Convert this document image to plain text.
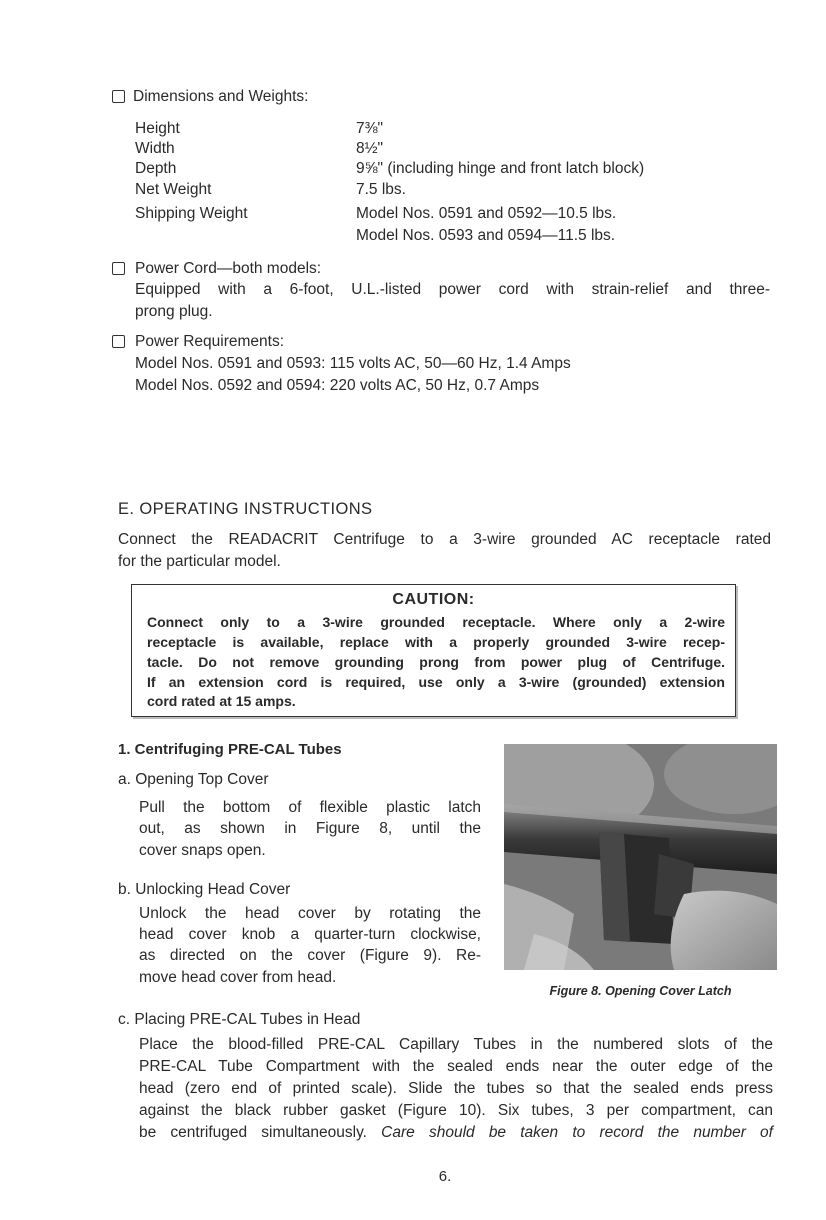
Dimensions and Weights:
Height	7⅜"
Width	8½"
Depth	9⅝" (including hinge and front latch block)
Net Weight	7.5 lbs.
Shipping Weight	Model Nos. 0591 and 0592—10.5 lbs.
Model Nos. 0593 and 0594—11.5 lbs.
Power Cord—both models:
Equipped with a 6-foot, U.L.-listed power cord with strain-relief and three-
prong plug.
Power Requirements:
Model Nos. 0591 and 0593: 115 volts AC, 50—60 Hz, 1.4 Amps
Model Nos. 0592 and 0594: 220 volts AC, 50 Hz, 0.7 Amps
E. OPERATING INSTRUCTIONS
Connect the READACRIT Centrifuge to a 3-wire grounded AC receptacle rated
for the particular model.
CAUTION:
Connect only to a 3-wire grounded receptacle. Where only a 2-wire
receptacle is available, replace with a properly grounded 3-wire recep-
tacle. Do not remove grounding prong from power plug of Centrifuge.
If an extension cord is required, use only a 3-wire (grounded) extension
cord rated at 15 amps.
1. Centrifuging PRE-CAL Tubes
a. Opening Top Cover
Pull the bottom of flexible plastic latch
out, as shown in Figure 8, until the
cover snaps open.
b. Unlocking Head Cover
Unlock the head cover by rotating the
head cover knob a quarter-turn clockwise,
as directed on the cover (Figure 9). Re-
move head cover from head.
Figure 8. Opening Cover Latch
c. Placing PRE-CAL Tubes in Head
Place the blood-filled PRE-CAL Capillary Tubes in the numbered slots of the
PRE-CAL Tube Compartment with the sealed ends near the outer edge of the
head (zero end of printed scale). Slide the tubes so that the sealed ends press
against the black rubber gasket (Figure 10). Six tubes, 3 per compartment, can
be centrifuged simultaneously. Care should be taken to record the number of
6.
